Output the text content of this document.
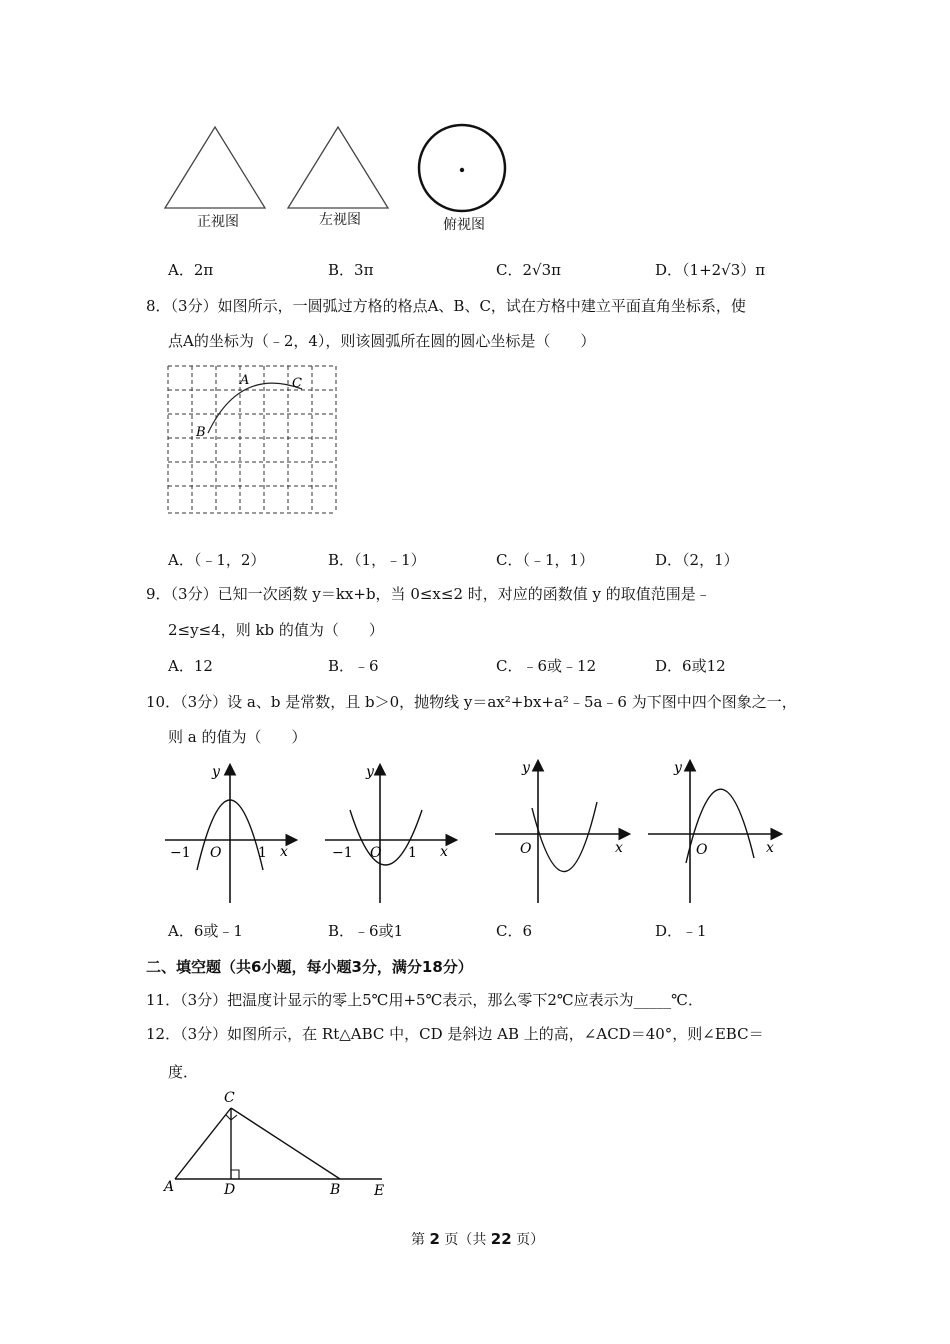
正视图	左视图	俯视图
A．2π	B．3π	C．2√3π	D．（1+2√3）π
8．（3分）如图所示，一圆弧过方格的格点A、B、C，试在方格中建立平面直角坐标系，使
点A的坐标为（﹣2，4），则该圆弧所在圆的圆心坐标是（　　）
A	C
B
A．（﹣1，2）	B．（1，﹣1）	C．（﹣1，1）	D．（2，1）
9．（3分）已知一次函数 y＝kx+b，当 0≤x≤2 时，对应的函数值 y 的取值范围是﹣
2≤y≤4，则 kb 的值为（　　）
A．12	B．﹣6	C．﹣6或﹣12	D．6或12
10．（3分）设 a、b 是常数，且 b＞0，抛物线 y＝ax²+bx+a²﹣5a﹣6 为下图中四个图象之一，
则 a 的值为（　　）
y
x
O
−1	1
y
x
O
−1	1
y
x
O
y
x
O
A．6或﹣1	B．﹣6或1	C．6	D．﹣1
二、填空题（共6小题，每小题3分，满分18分）
11．（3分）把温度计显示的零上5℃用+5℃表示，那么零下2℃应表示为_____℃．
12．（3分）如图所示，在 Rt△ABC 中，CD 是斜边 AB 上的高，∠ACD＝40°，则∠EBC＝
度．
C
A	D	B E
第 2 页（共 22 页）
